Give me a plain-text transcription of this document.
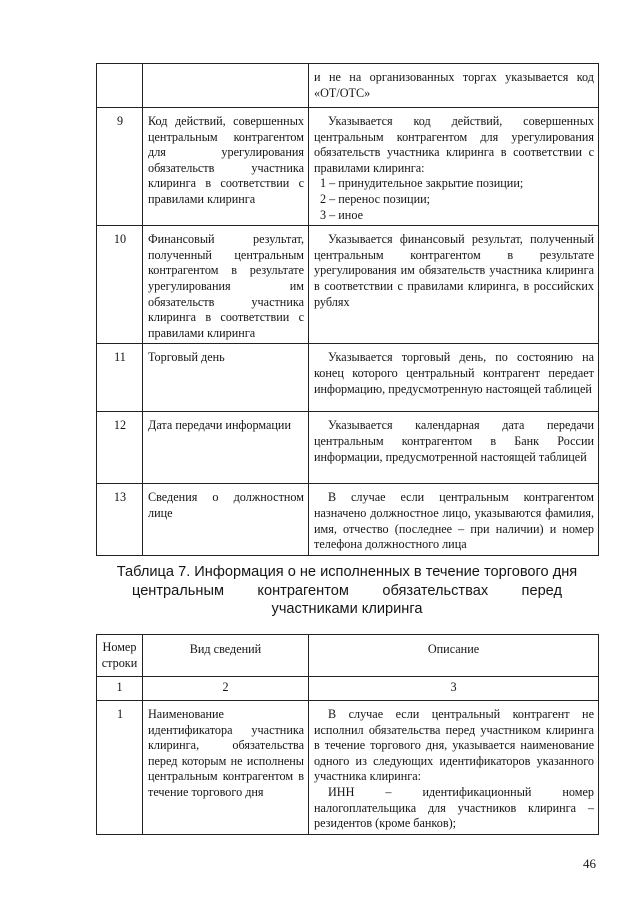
		и не на организованных торгах указывается код «OT/OTC»
9	Код действий, совершенных центральным контрагентом для урегулирования обязательств участника клиринга в соответствии с правилами клиринга	Указывается код действий, совершенных центральным контрагентом для урегулирования обязательств участника клиринга в соответствии с правилами клиринга:
1 – принудительное закрытие позиции;
2 – перенос позиции;
3 – иное

10	Финансовый результат, полученный центральным контрагентом в результате урегулирования им обязательств участника клиринга в соответствии с правилами клиринга	Указывается финансовый результат, полученный центральным контрагентом в результате урегулирования им обязательств участника клиринга в соответствии с правилами клиринга, в российских рублях
11	Торговый день	Указывается торговый день, по состоянию на конец которого центральный контрагент передает информацию, предусмотренную настоящей таблицей
12	Дата передачи информации	Указывается календарная дата передачи центральным контрагентом в Банк России информации, предусмотренной настоящей таблицей
13	Сведения о должностном лице	В случае если центральным контрагентом назначено должностное лицо, указываются фамилия, имя, отчество (последнее – при наличии) и номер телефона должностного лица
Таблица 7. Информация о не исполненных в течение торгового дня
центральным контрагентом обязательствах перед
участниками клиринга
Номер строки	Вид сведений	Описание
1	2	3
1	Наименование идентификатора участника клиринга, обязательства перед которым не исполнены центральным контрагентом в течение торгового дня	В случае если центральный контрагент не исполнил обязательства перед участником клиринга в течение торгового дня, указывается наименование одного из следующих идентификаторов указанного участника клиринга:
ИНН – идентификационный номер налогоплательщика для участников клиринга – резидентов (кроме банков);
46
